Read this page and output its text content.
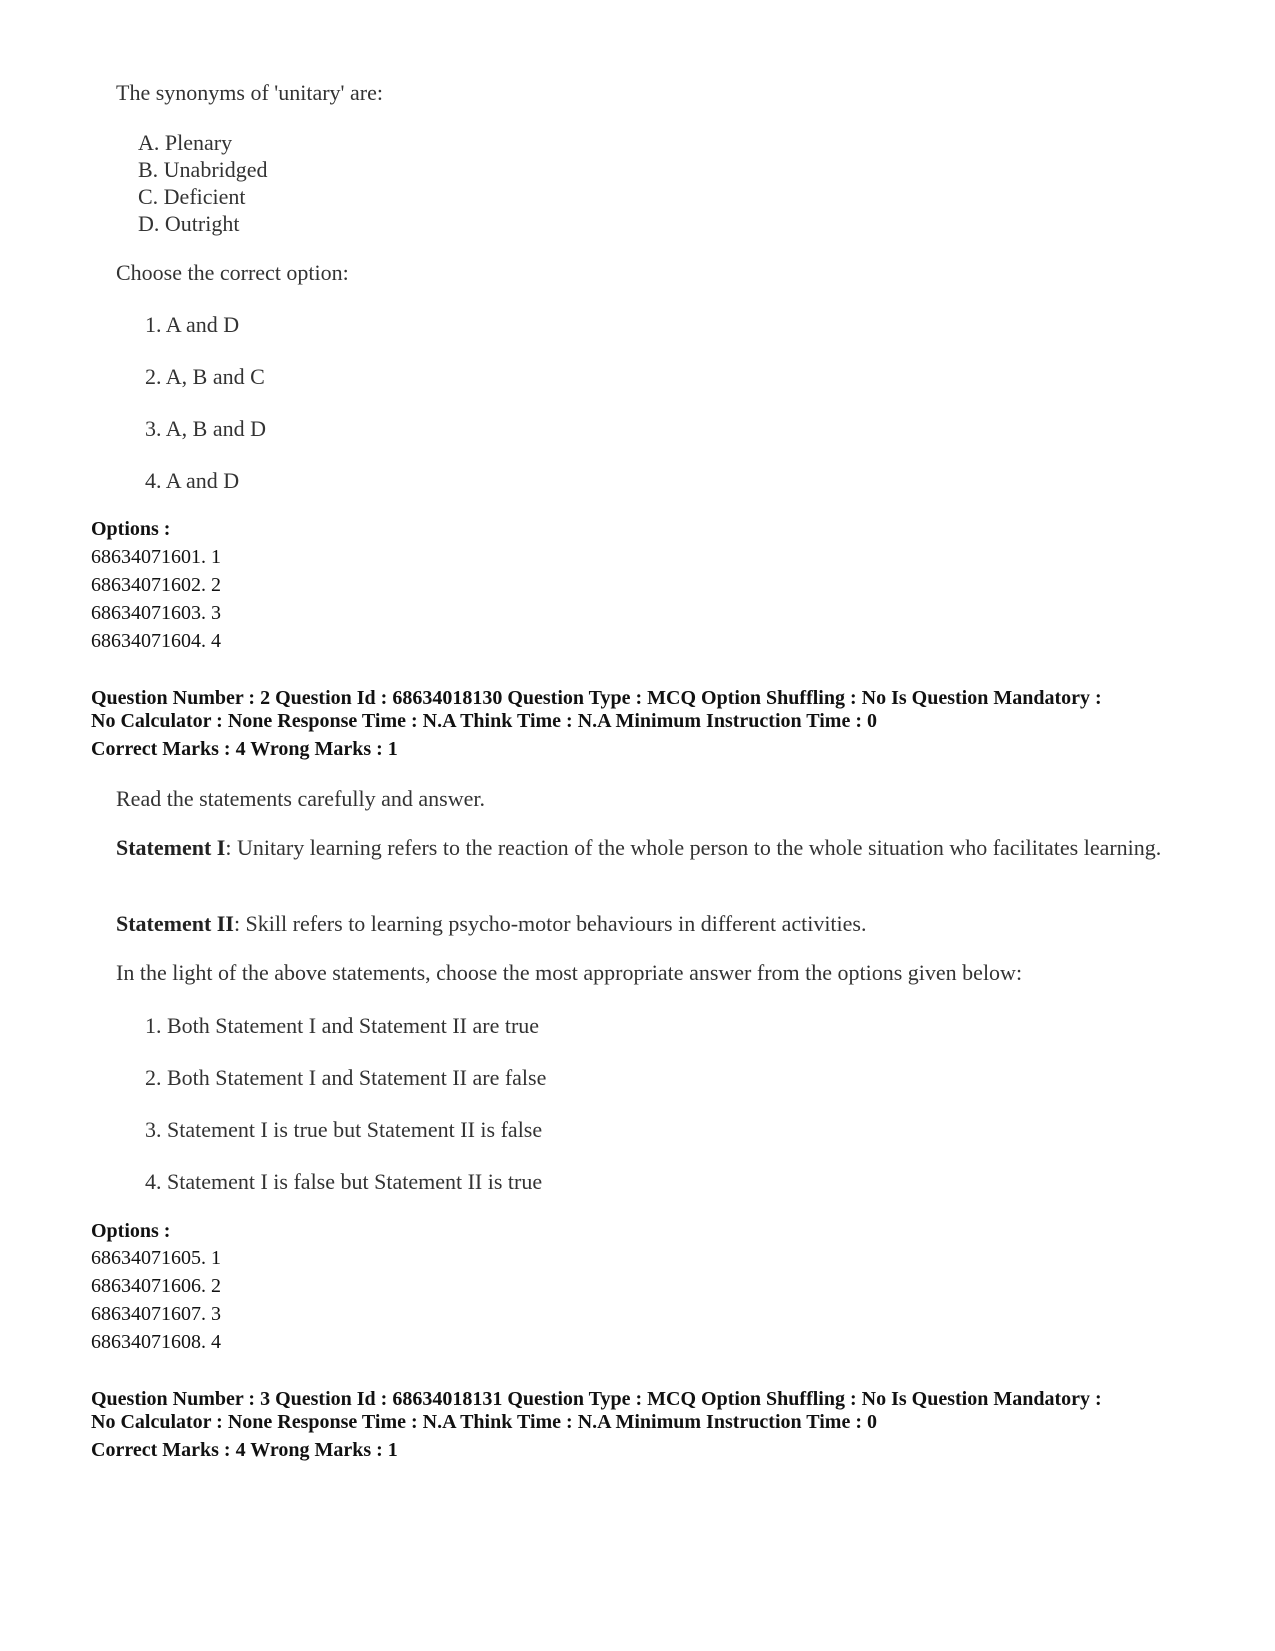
The synonyms of 'unitary' are:
A. Plenary
B. Unabridged
C. Deficient
D. Outright
Choose the correct option:
1. A and D
2. A, B and C
3. A, B and D
4. A and D
Options :
68634071601. 1
68634071602. 2
68634071603. 3
68634071604. 4
Question Number : 2 Question Id : 68634018130 Question Type : MCQ Option Shuffling : No Is Question Mandatory :
No Calculator : None Response Time : N.A Think Time : N.A Minimum Instruction Time : 0
Correct Marks : 4 Wrong Marks : 1
Read the statements carefully and answer.
Statement I: Unitary learning refers to the reaction of the whole person to the whole situation who facilitates learning.
Statement II: Skill refers to learning psycho-motor behaviours in different activities.
In the light of the above statements, choose the most appropriate answer from the options given below:
1. Both Statement I and Statement II are true
2. Both Statement I and Statement II are false
3. Statement I is true but Statement II is false
4. Statement I is false but Statement II is true
Options :
68634071605. 1
68634071606. 2
68634071607. 3
68634071608. 4
Question Number : 3 Question Id : 68634018131 Question Type : MCQ Option Shuffling : No Is Question Mandatory :
No Calculator : None Response Time : N.A Think Time : N.A Minimum Instruction Time : 0
Correct Marks : 4 Wrong Marks : 1
